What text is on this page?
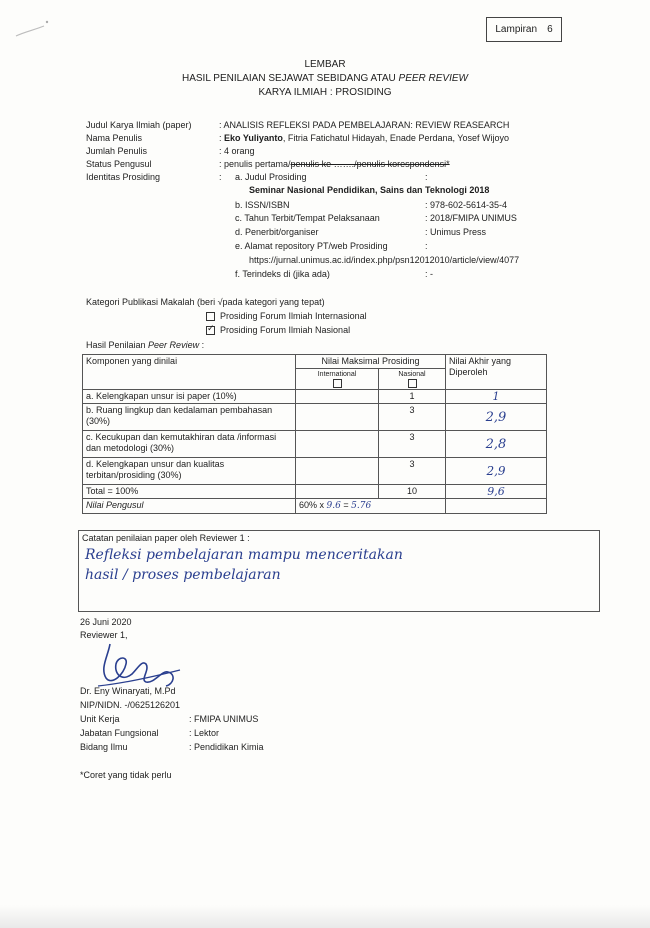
Lampiran 6
LEMBAR
HASIL PENILAIAN SEJAWAT SEBIDANG ATAU PEER REVIEW
KARYA ILMIAH : PROSIDING
Judul Karya Ilmiah (paper)	: ANALISIS REFLEKSI PADA PEMBELAJARAN: REVIEW REASEARCH
Nama Penulis	: Eko Yuliyanto, Fitria Fatichatul Hidayah, Enade Perdana, Yosef Wijoyo
Jumlah Penulis	: 4 orang
Status Pengusul	: penulis pertama/penulis ke ……./penulis korespondensi*
Identitas Prosiding	: a. Judul Prosiding	:
Seminar Nasional Pendidikan, Sains dan Teknologi 2018
b. ISSN/ISBN	: 978-602-5614-35-4
c. Tahun Terbit/Tempat Pelaksanaan	: 2018/FMIPA UNIMUS
d. Penerbit/organiser	: Unimus Press
e. Alamat repository PT/web Prosiding	:
https://jurnal.unimus.ac.id/index.php/psn12012010/article/view/4077
f. Terindeks di (jika ada)	: -
Kategori Publikasi Makalah (beri √pada kategori yang tepat)
Prosiding Forum Ilmiah Internasional
✓ Prosiding Forum Ilmiah Nasional
Hasil Penilaian Peer Review :
Komponen yang dinilai	Nilai Maksimal Prosiding		Nilai Akhir yang Diperoleh
	International	Nasional	

a. Kelengkapan unsur isi paper (10%)		1	1
b. Ruang lingkup dan kedalaman pembahasan (30%)		3	2,9
c. Kecukupan dan kemutakhiran data /informasi dan metodologi (30%)		3	2,8
d. Kelengkapan unsur dan kualitas terbitan/prosiding (30%)		3	2,9
Total = 100%		10	9,6
Nilai Pengusul	60% x 9.6 = 5.76		
Catatan penilaian paper oleh Reviewer 1 :
Refleksi pembelajaran mampu menceritakan
hasil / proses pembelajaran
26 Juni 2020
Reviewer 1,
Dr. Eny Winaryati, M.Pd
NIP/NIDN. -/0625126201
Unit Kerja	: FMIPA UNIMUS
Jabatan Fungsional	: Lektor
Bidang Ilmu	: Pendidikan Kimia
*Coret yang tidak perlu
